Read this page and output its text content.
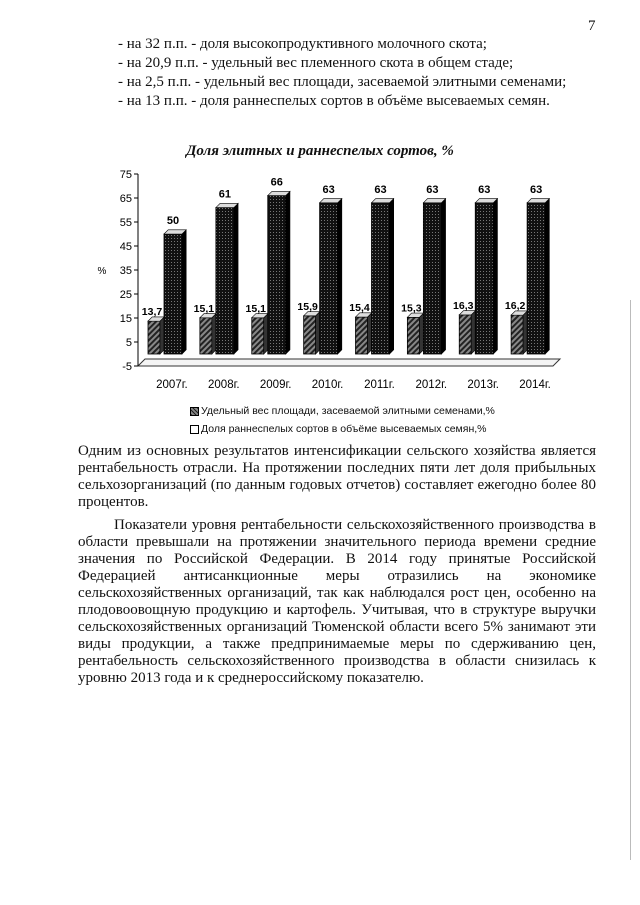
7
- на 32 п.п. - доля высокопродуктивного молочного скота;
- на 20,9 п.п. - удельный вес племенного скота в общем стаде;
- на 2,5 п.п. - удельный вес площади, засеваемой элитными семенами;
- на 13 п.п. - доля раннеспелых сортов в объёме высеваемых семян.
Доля элитных и раннеспелых сортов, %
-5
5
15
25
35
45
55
65
75
%
13,7
50
2007г.
15,1
61
2008г.
15,1
66
2009г.
15,9
63
2010г.
15,4
63
2011г.
15,3
63
2012г.
16,3
63
2013г.
16,2
63
2014г.
Удельный вес площади, засеваемой элитными семенами,%
Доля раннеспелых сортов в объёме высеваемых семян,%

Одним из основных результатов интенсификации сельского хозяйства является рентабельность отрасли. На протяжении последних пяти лет доля прибыльных сельхозорганизаций (по данным годовых отчетов) составляет ежегодно более 80 процентов.

Показатели уровня рентабельности сельскохозяйственного производства в области превышали на протяжении значительного периода времени средние значения по Российской Федерации. В 2014 году принятые Российской Федерацией антисанкционные меры отразились на экономике сельскохозяйственных организаций, так как наблюдался рост цен, особенно на плодовоовощную продукцию и картофель. Учитывая, что в структуре выручки сельскохозяйственных организаций Тюменской области всего 5% занимают эти виды продукции, а также предпринимаемые меры по сдерживанию цен, рентабельность сельскохозяйственного производства в области снизилась к уровню 2013 года и к среднероссийскому показателю.
